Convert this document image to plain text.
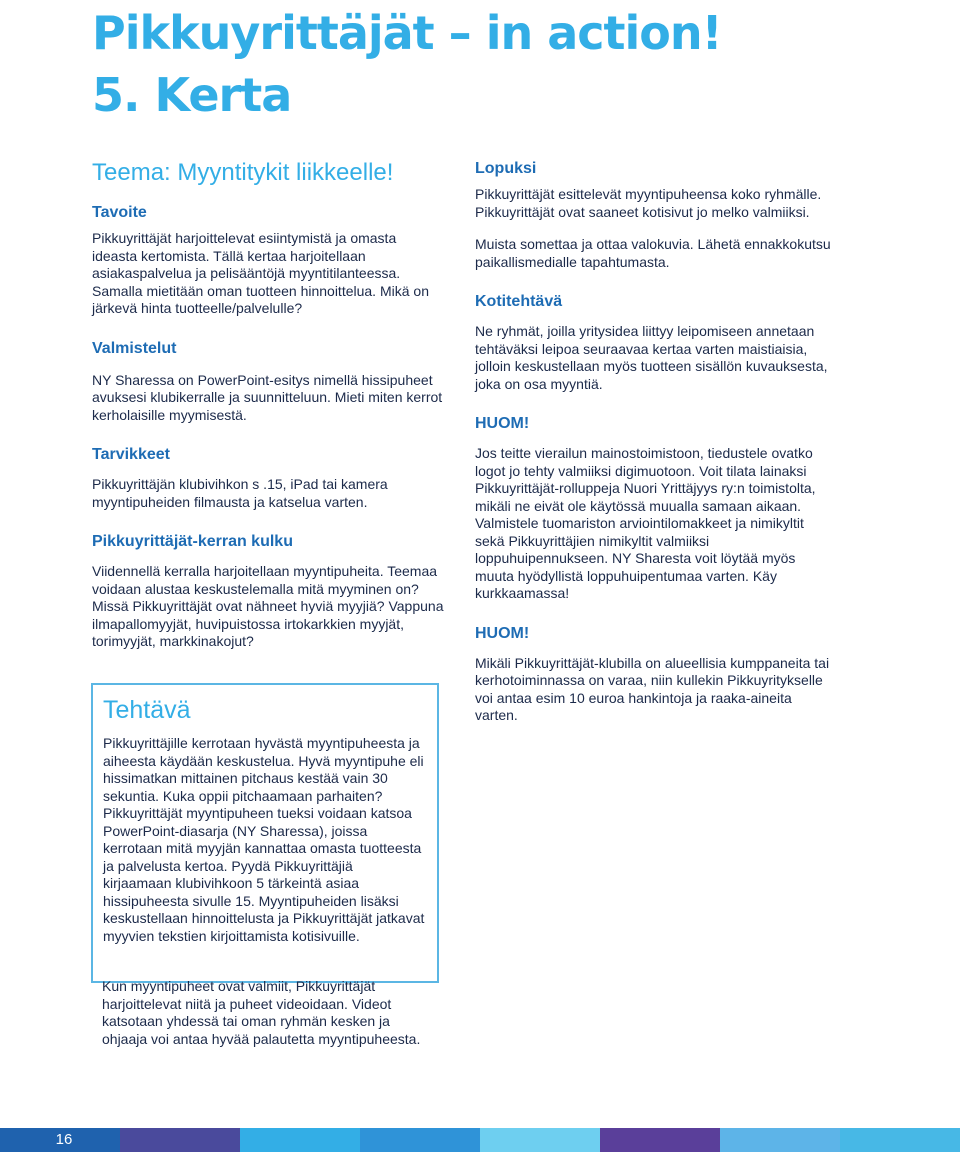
Pikkuyrittäjät – in action!
5. Kerta
Teema: Myyntitykit liikkeelle!
Tavoite

Pikkuyrittäjät harjoittelevat esiintymistä ja omasta ideasta kertomista. Tällä kertaa harjoitellaan asiakaspalvelua ja pelisääntöjä myyntitilanteessa. Samalla mietitään oman tuotteen hinnoittelua. Mikä on järkevä hinta tuotteelle/palvelulle?

Valmistelut

NY Sharessa on PowerPoint-esitys nimellä hissipuheet avuksesi klubikerralle ja suunnitteluun. Mieti miten kerrot kerholaisille myymisestä.

Tarvikkeet

Pikkuyrittäjän klubivihkon s .15, iPad tai kamera myyntipuheiden filmausta ja katselua varten.

Pikkuyrittäjät-kerran kulku

Viidennellä kerralla harjoitellaan myyntipuheita. Teemaa voidaan alustaa keskustelemalla mitä myyminen on? Missä Pikkuyrittäjät ovat nähneet hyviä myyjiä? Vappuna ilmapallomyyjät, huvipuistossa irtokarkkien myyjät, torimyyjät, markkinakojut?

Tehtävä

Pikkuyrittäjille kerrotaan hyvästä myyntipuheesta ja aiheesta käydään keskustelua. Hyvä myyntipuhe eli hissimatkan mittainen pitchaus kestää vain 30 sekuntia. Kuka oppii pitchaamaan parhaiten? Pikkuyrittäjät myyntipuheen tueksi voidaan katsoa PowerPoint-diasarja (NY Sharessa), joissa kerrotaan mitä myyjän kannattaa omasta tuotteesta ja palvelusta kertoa. Pyydä Pikkuyrittäjiä kirjaamaan klubivihkoon 5 tärkeintä asiaa hissipuheesta sivulle 15. Myyntipuheiden lisäksi keskustellaan hinnoittelusta ja Pikkuyrittäjät jatkavat myyvien tekstien kirjoittamista kotisivuille.

Kun myyntipuheet ovat valmiit, Pikkuyrittäjät harjoittelevat niitä ja puheet videoidaan. Videot katsotaan yhdessä tai oman ryhmän kesken ja ohjaaja voi antaa hyvää palautetta myyntipuheesta.

Lopuksi

Pikkuyrittäjät esittelevät myyntipuheensa koko ryhmälle. Pikkuyrittäjät ovat saaneet kotisivut jo melko valmiiksi.

Muista somettaa ja ottaa valokuvia. Lähetä ennakkokutsu paikallismedialle tapahtumasta.

Kotitehtävä

Ne ryhmät, joilla yritysidea liittyy leipomiseen annetaan tehtäväksi leipoa seuraavaa kertaa varten maistiaisia, jolloin keskustellaan myös tuotteen sisällön kuvauksesta, joka on osa myyntiä.

HUOM!

Jos teitte vierailun mainostoimistoon, tiedustele ovatko logot jo tehty valmiiksi digimuotoon. Voit tilata lainaksi Pikkuyrittäjät-rolluppeja Nuori Yrittäjyys ry:n toimistolta, mikäli ne eivät ole käytössä muualla samaan aikaan. Valmistele tuomariston arviointilomakkeet ja nimikyltit sekä Pikkuyrittäjien nimikyltit valmiiksi loppuhuipennukseen. NY Sharesta voit löytää myös muuta hyödyllistä loppuhuipentumaa varten. Käy kurkkaamassa!

HUOM!

Mikäli Pikkuyrittäjät-klubilla on alueellisia kumppaneita tai kerhotoiminnassa on varaa, niin kullekin Pikkuyritykselle voi antaa esim 10 euroa hankintoja ja raaka-aineita varten.

16
